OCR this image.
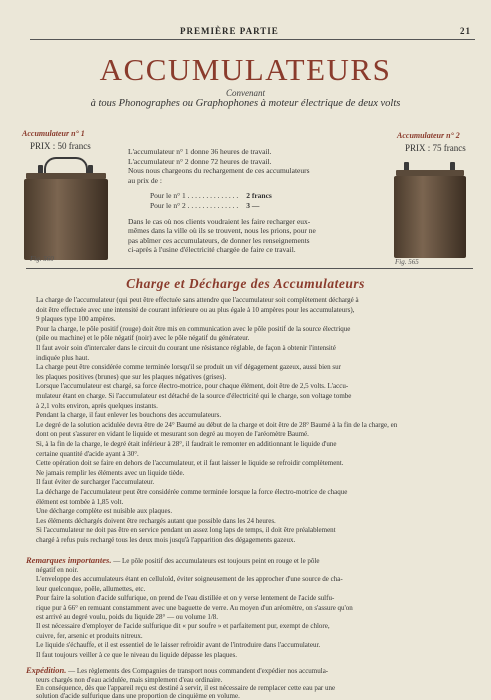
PREMIÈRE PARTIE	21
ACCUMULATEURS
Convenant
à tous Phonographes ou Graphophones à moteur électrique de deux volts
Accumulateur n° 1
PRIX : 50 francs
Fig. 560
Accumulateur n° 2
PRIX : 75 francs
Fig. 565
L'accumulateur n° 1 donne 36 heures de travail.
L'accumulateur n° 2 donne 72 heures de travail.
Nous nous chargeons du rechargement de ces accumulateurs
au prix de :
Pour le n° 1 . . . . . . . . . . . . . . 2 francs
Pour le n° 2 . . . . . . . . . . . . . . 3 —
Dans le cas où nos clients voudraient les faire recharger eux-
mêmes dans la ville où ils se trouvent, nous les prions, pour ne
pas abîmer ces accumulateurs, de donner les renseignements
ci-après à l'usine d'électricité chargée de faire ce travail.
Charge et Décharge des Accumulateurs
La charge de l'accumulateur (qui peut être effectuée sans attendre que l'accumulateur soit complètement déchargé à
doit être effectuée avec une intensité de courant inférieure ou au plus égale à 10 ampères pour les accumulateurs),
9 plaques type 100 ampères.
Pour la charge, le pôle positif (rouge) doit être mis en communication avec le pôle positif de la source électrique
(pile ou machine) et le pôle négatif (noir) avec le pôle négatif du générateur.
Il faut avoir soin d'intercaler dans le circuit du courant une résistance réglable, de façon à obtenir l'intensité
indiquée plus haut.
La charge peut être considérée comme terminée lorsqu'il se produit un vif dégagement gazeux, aussi bien sur
les plaques positives (brunes) que sur les plaques négatives (grises).
Lorsque l'accumulateur est chargé, sa force électro-motrice, pour chaque élément, doit être de 2,5 volts. L'accu-
mulateur étant en charge. Si l'accumulateur est détaché de la source d'électricité qui le charge, son voltage tombe
à 2,1 volts environ, après quelques instants.
Pendant la charge, il faut enlever les bouchons des accumulateurs.
Le degré de la solution acidulée devra être de 24° Baumé au début de la charge et doit être de 28° Baumé à la fin de la charge, en
dont on peut s'assurer en vidant le liquide et mesurant son degré au moyen de l'aréomètre Baumé.
Si, à la fin de la charge, le degré était inférieur à 28°, il faudrait le remonter en additionnant le liquide d'une
certaine quantité d'acide ayant à 30°.
Cette opération doit se faire en dehors de l'accumulateur, et il faut laisser le liquide se refroidir complètement.
Ne jamais remplir les éléments avec un liquide tiède.
Il faut éviter de surcharger l'accumulateur.
La décharge de l'accumulateur peut être considérée comme terminée lorsque la force électro-motrice de chaque
élément est tombée à 1,85 volt.
Une décharge complète est nuisible aux plaques.
Les éléments déchargés doivent être rechargés autant que possible dans les 24 heures.
Si l'accumulateur ne doit pas être en service pendant un assez long laps de temps, il doit être préalablement
chargé à refus puis rechargé tous les deux mois jusqu'à l'apparition des dégagements gazeux.
Remarques importantes. — Le pôle positif des accumulateurs est toujours peint en rouge et le pôle
négatif en noir.
L'enveloppe des accumulateurs étant en celluloïd, éviter soigneusement de les approcher d'une source de cha-
leur quelconque, poêle, allumettes, etc.
Pour faire la solution d'acide sulfurique, on prend de l'eau distillée et on y verse lentement de l'acide sulfu-
rique pur à 66° en remuant constamment avec une baguette de verre. Au moyen d'un aréomètre, on s'assure qu'on
est arrivé au degré voulu, poids du liquide 28° — ou volume 1/8.
Il est nécessaire d'employer de l'acide sulfurique dit « pur soufre » et parfaitement pur, exempt de chlore,
cuivre, fer, arsenic et produits nitreux.
Le liquide s'échauffe, et il est essentiel de le laisser refroidir avant de l'introduire dans l'accumulateur.
Il faut toujours veiller à ce que le niveau du liquide dépasse les plaques.
Expédition. — Les règlements des Compagnies de transport nous commandent d'expédier nos accumula-
teurs chargés non d'eau acidulée, mais simplement d'eau ordinaire.
En conséquence, dès que l'appareil reçu est destiné à servir, il est nécessaire de remplacer cette eau par une
solution d'acide sulfurique dans une proportion de cinquième en volume.
